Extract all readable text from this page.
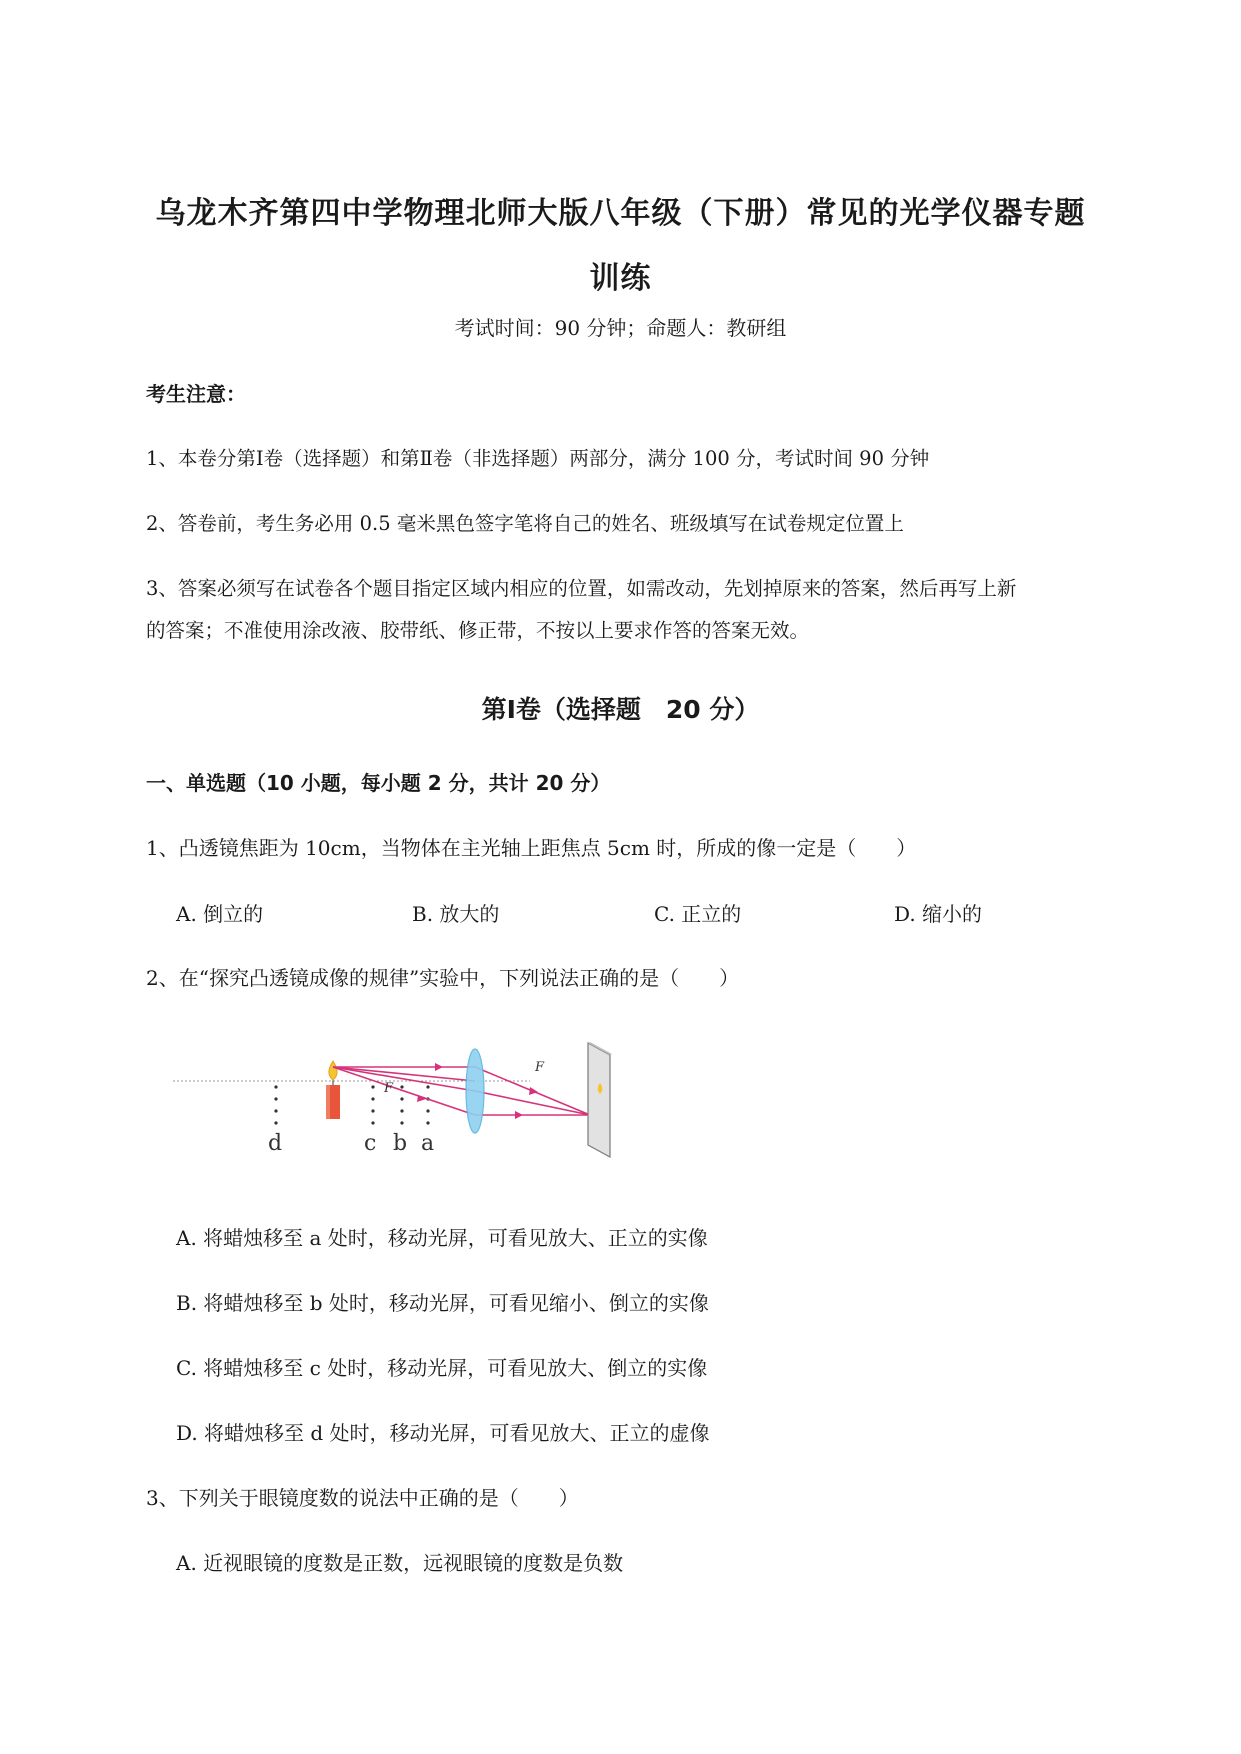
乌龙木齐第四中学物理北师大版八年级（下册）常见的光学仪器专题
训练
考试时间：90 分钟；命题人：教研组
考生注意：
1、本卷分第Ⅰ卷（选择题）和第Ⅱ卷（非选择题）两部分，满分 100 分，考试时间 90 分钟
2、答卷前，考生务必用 0.5 毫米黑色签字笔将自己的姓名、班级填写在试卷规定位置上
3、答案必须写在试卷各个题目指定区域内相应的位置，如需改动，先划掉原来的答案，然后再写上新
的答案；不准使用涂改液、胶带纸、修正带，不按以上要求作答的答案无效。
第Ⅰ卷（选择题　20 分）
一、单选题（10 小题，每小题 2 分，共计 20 分）
1、凸透镜焦距为 10cm，当物体在主光轴上距焦点 5cm 时，所成的像一定是（　　）
A. 倒立的	B. 放大的	C. 正立的	D. 缩小的
2、在“探究凸透镜成像的规律”实验中，下列说法正确的是（　　）
F
F
d	c b a
A. 将蜡烛移至 a 处时，移动光屏，可看见放大、正立的实像
B. 将蜡烛移至 b 处时，移动光屏，可看见缩小、倒立的实像
C. 将蜡烛移至 c 处时，移动光屏，可看见放大、倒立的实像
D. 将蜡烛移至 d 处时，移动光屏，可看见放大、正立的虚像
3、下列关于眼镜度数的说法中正确的是（　　）
A. 近视眼镜的度数是正数，远视眼镜的度数是负数
